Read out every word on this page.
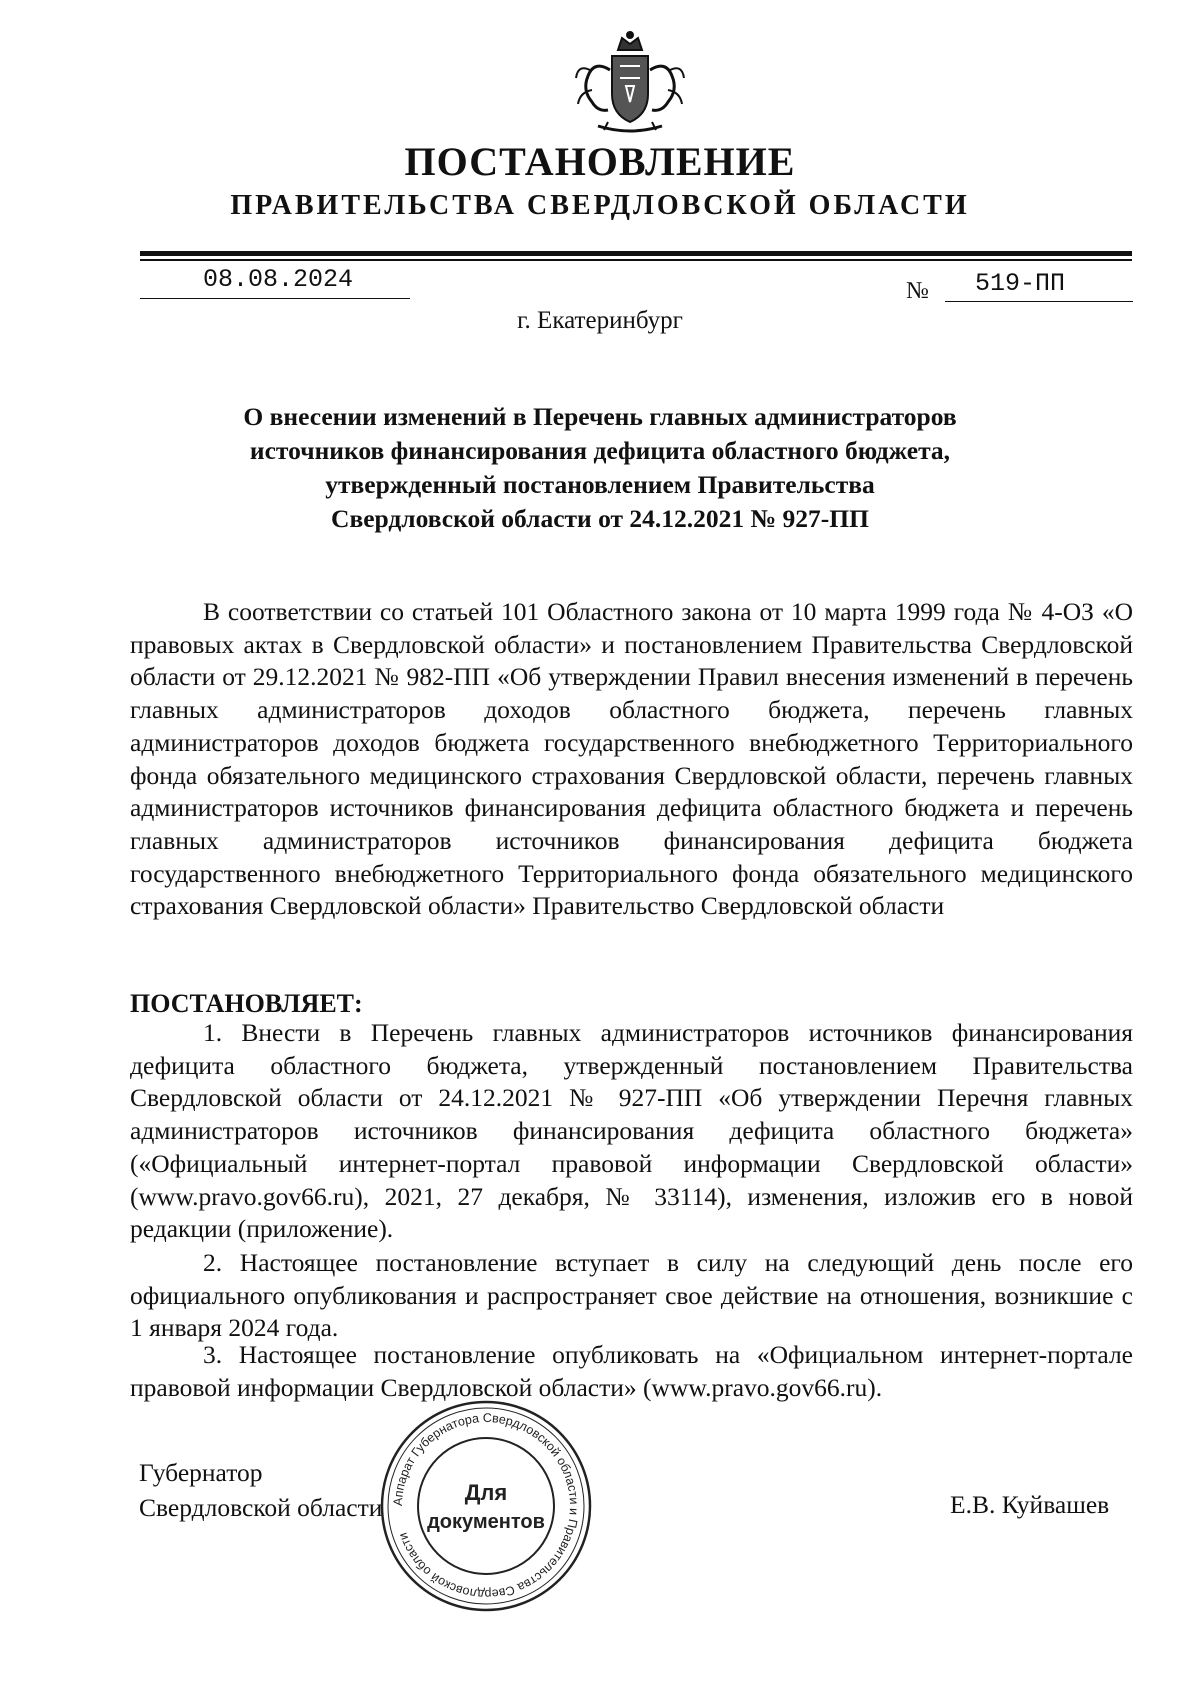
ПОСТАНОВЛЕНИЕ
ПРАВИТЕЛЬСТВА СВЕРДЛОВСКОЙ ОБЛАСТИ
08.08.2024	№ 519-ПП
г. Екатеринбург
О внесении изменений в Перечень главных администраторов
источников финансирования дефицита областного бюджета,
утвержденный постановлением Правительства
Свердловской области от 24.12.2021 № 927-ПП

В соответствии со статьей 101 Областного закона от 10 марта 1999 года № 4-ОЗ «О правовых актах в Свердловской области» и постановлением Правительства Свердловской области от 29.12.2021 № 982-ПП «Об утверждении Правил внесения изменений в перечень главных администраторов доходов областного бюджета, перечень главных администраторов доходов бюджета государственного внебюджетного Территориального фонда обязательного медицинского страхования Свердловской области, перечень главных администраторов источников финансирования дефицита областного бюджета и перечень главных администраторов источников финансирования дефицита бюджета государственного внебюджетного Территориального фонда обязательного медицинского страхования Свердловской области» Правительство Свердловской области

ПОСТАНОВЛЯЕТ:

1. Внести в Перечень главных администраторов источников финансирования дефицита областного бюджета, утвержденный постановлением Правительства Свердловской области от 24.12.2021 № 927-ПП «Об утверждении Перечня главных администраторов источников финансирования дефицита областного бюджета» («Официальный интернет-портал правовой информации Свердловской области» (www.pravo.gov66.ru), 2021, 27 декабря, № 33114), изменения, изложив его в новой редакции (приложение).

2. Настоящее постановление вступает в силу на следующий день после его официального опубликования и распространяет свое действие на отношения, возникшие с 1 января 2024 года.

3. Настоящее постановление опубликовать на «Официальном интернет-портале правовой информации Свердловской области» (www.pravo.gov66.ru).

Губернатор
Свердловской области	Е.В. Куйвашев
Аппарат Губернатора Свердловской области и Правительства Свердловской области
Для
документов
